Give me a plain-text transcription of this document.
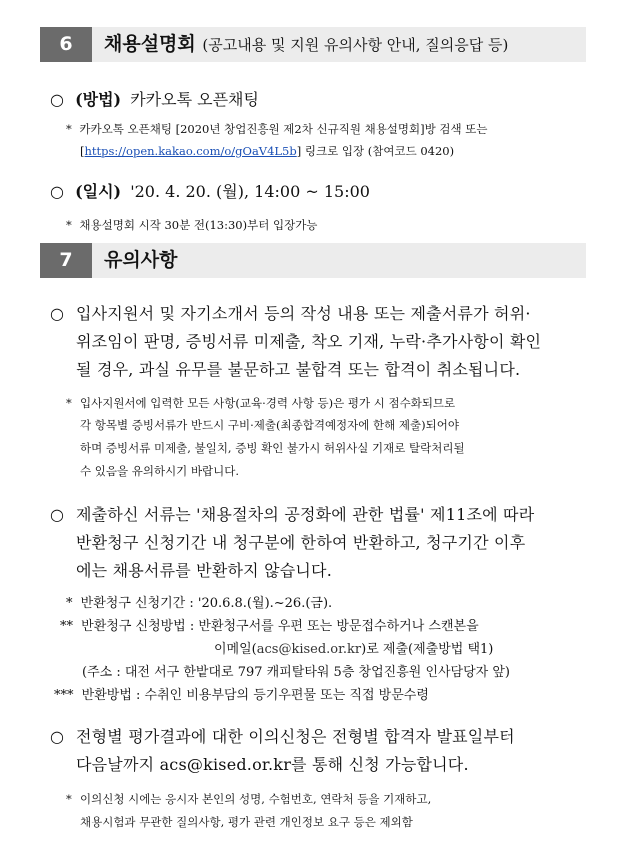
6	채용설명회 (공고내용 및 지원 유의사항 안내, 질의응답 등)
○ (방법) 카카오톡 오픈채팅
* 카카오톡 오픈채팅 [2020년 창업진흥원 제2차 신규직원 채용설명회]방 검색 또는
[https://open.kakao.com/o/gOaV4L5b] 링크로 입장 (참여코드 0420)
○ (일시) '20. 4. 20. (월), 14:00 ~ 15:00
* 채용설명회 시작 30분 전(13:30)부터 입장가능
7	유의사항
○ 입사지원서 및 자기소개서 등의 작성 내용 또는 제출서류가 허위·
위조임이 판명, 증빙서류 미제출, 착오 기재, 누락·추가사항이 확인
될 경우, 과실 유무를 불문하고 불합격 또는 합격이 취소됩니다.
* 입사지원서에 입력한 모든 사항(교육·경력 사항 등)은 평가 시 점수화되므로
각 항목별 증빙서류가 반드시 구비·제출(최종합격예정자에 한해 제출)되어야
하며 증빙서류 미제출, 불일치, 증빙 확인 불가시 허위사실 기재로 탈락처리될
수 있음을 유의하시기 바랍니다.
○ 제출하신 서류는 '채용절차의 공정화에 관한 법률' 제11조에 따라
반환청구 신청기간 내 청구분에 한하여 반환하고, 청구기간 이후
에는 채용서류를 반환하지 않습니다.
* 반환청구 신청기간 : '20.6.8.(월).~26.(금).
** 반환청구 신청방법 : 반환청구서를 우편 또는 방문접수하거나 스캔본을
이메일(acs@kised.or.kr)로 제출(제출방법 택1)
(주소 : 대전 서구 한밭대로 797 캐피탈타워 5층 창업진흥원 인사담당자 앞)
*** 반환방법 : 수취인 비용부담의 등기우편물 또는 직접 방문수령
○ 전형별 평가결과에 대한 이의신청은 전형별 합격자 발표일부터
다음날까지 acs@kised.or.kr를 통해 신청 가능합니다.
* 이의신청 시에는 응시자 본인의 성명, 수험번호, 연락처 등을 기재하고,
채용시험과 무관한 질의사항, 평가 관련 개인정보 요구 등은 제외함
